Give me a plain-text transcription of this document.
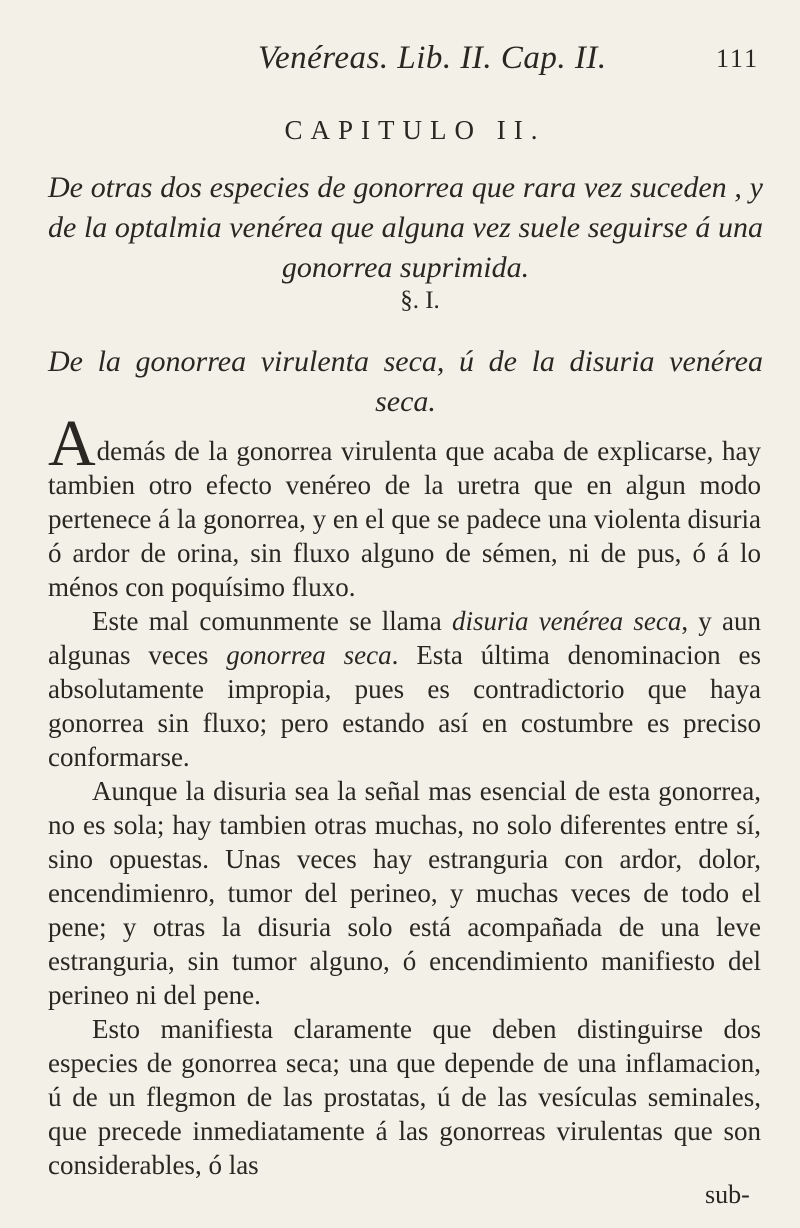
Venéreas. Lib. II. Cap. II.	111
CAPITULO II.
De otras dos especies de gonorrea que rara vez suceden , y de la optalmia venérea que alguna vez suele seguirse á una gonorrea suprimida.
§. I.
De la gonorrea virulenta seca, ú de la disuria venérea seca.

Además de la gonorrea virulenta que acaba de explicarse, hay tambien otro efecto venéreo de la uretra que en algun modo pertenece á la gonorrea, y en el que se padece una violenta disuria ó ardor de orina, sin fluxo alguno de sémen, ni de pus, ó á lo ménos con poquísimo fluxo.

Este mal comunmente se llama disuria venérea seca, y aun algunas veces gonorrea seca. Esta última denominacion es absolutamente impropia, pues es contradictorio que haya gonorrea sin fluxo; pero estando así en costumbre es preciso conformarse.

Aunque la disuria sea la señal mas esencial de esta gonorrea, no es sola; hay tambien otras muchas, no solo diferentes entre sí, sino opuestas. Unas veces hay estranguria con ardor, dolor, encendimienro, tumor del perineo, y muchas veces de todo el pene; y otras la disuria solo está acompañada de una leve estranguria, sin tumor alguno, ó encendimiento manifiesto del perineo ni del pene.

Esto manifiesta claramente que deben distinguirse dos especies de gonorrea seca; una que depende de una inflamacion, ú de un flegmon de las prostatas, ú de las vesículas seminales, que precede inmediatamente á las gonorreas virulentas que son considerables, ó las

sub-
